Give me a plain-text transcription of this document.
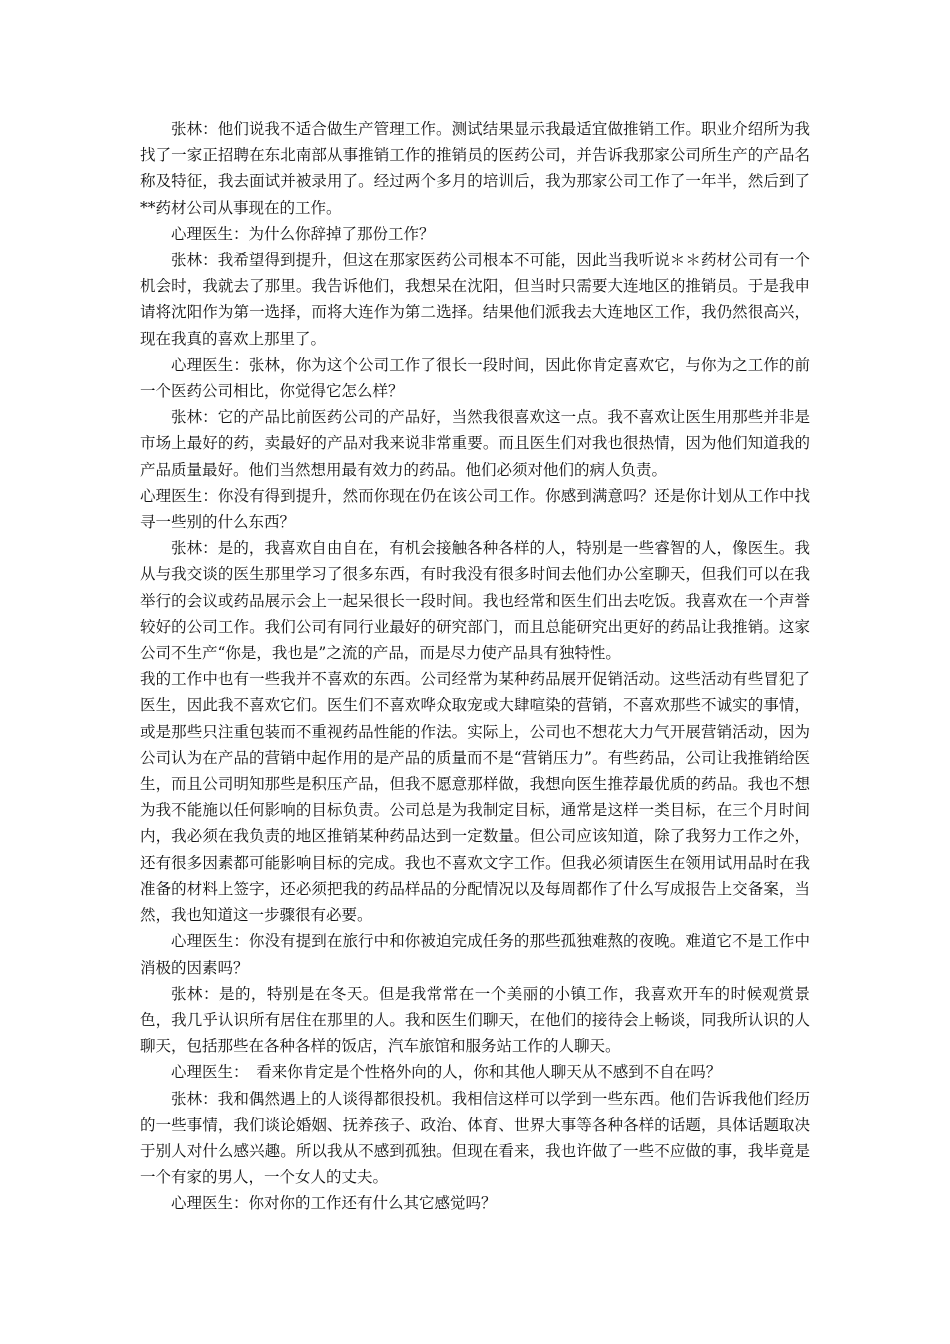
张林：他们说我不适合做生产管理工作。测试结果显示我最适宜做推销工作。职业介绍所为我找了一家正招聘在东北南部从事推销工作的推销员的医药公司，并告诉我那家公司所生产的产品名称及特征，我去面试并被录用了。经过两个多月的培训后，我为那家公司工作了一年半，然后到了**药材公司从事现在的工作。

心理医生：为什么你辞掉了那份工作？

张林：我希望得到提升，但这在那家医药公司根本不可能，因此当我听说＊＊药材公司有一个机会时，我就去了那里。我告诉他们，我想呆在沈阳，但当时只需要大连地区的推销员。于是我申请将沈阳作为第一选择，而将大连作为第二选择。结果他们派我去大连地区工作，我仍然很高兴，现在我真的喜欢上那里了。

心理医生：张林，你为这个公司工作了很长一段时间，因此你肯定喜欢它，与你为之工作的前一个医药公司相比，你觉得它怎么样？

张林：它的产品比前医药公司的产品好，当然我很喜欢这一点。我不喜欢让医生用那些并非是市场上最好的药，卖最好的产品对我来说非常重要。而且医生们对我也很热情，因为他们知道我的产品质量最好。他们当然想用最有效力的药品。他们必须对他们的病人负责。

心理医生：你没有得到提升，然而你现在仍在该公司工作。你感到满意吗？还是你计划从工作中找寻一些别的什么东西？

张林：是的，我喜欢自由自在，有机会接触各种各样的人，特别是一些睿智的人，像医生。我从与我交谈的医生那里学习了很多东西，有时我没有很多时间去他们办公室聊天，但我们可以在我举行的会议或药品展示会上一起呆很长一段时间。我也经常和医生们出去吃饭。我喜欢在一个声誉较好的公司工作。我们公司有同行业最好的研究部门，而且总能研究出更好的药品让我推销。这家公司不生产“你是，我也是”之流的产品，而是尽力使产品具有独特性。

我的工作中也有一些我并不喜欢的东西。公司经常为某种药品展开促销活动。这些活动有些冒犯了医生，因此我不喜欢它们。医生们不喜欢哗众取宠或大肆喧染的营销，不喜欢那些不诚实的事情，或是那些只注重包装而不重视药品性能的作法。实际上，公司也不想花大力气开展营销活动，因为公司认为在产品的营销中起作用的是产品的质量而不是“营销压力”。有些药品，公司让我推销给医生，而且公司明知那些是积压产品，但我不愿意那样做，我想向医生推荐最优质的药品。我也不想为我不能施以任何影响的目标负责。公司总是为我制定目标，通常是这样一类目标，在三个月时间内，我必须在我负责的地区推销某种药品达到一定数量。但公司应该知道，除了我努力工作之外，还有很多因素都可能影响目标的完成。我也不喜欢文字工作。但我必须请医生在领用试用品时在我准备的材料上签字，还必须把我的药品样品的分配情况以及每周都作了什么写成报告上交备案，当然，我也知道这一步骤很有必要。

心理医生：你没有提到在旅行中和你被迫完成任务的那些孤独难熬的夜晚。难道它不是工作中消极的因素吗？

张林：是的，特别是在冬天。但是我常常在一个美丽的小镇工作，我喜欢开车的时候观赏景色，我几乎认识所有居住在那里的人。我和医生们聊天，在他们的接待会上畅谈，同我所认识的人聊天，包括那些在各种各样的饭店，汽车旅馆和服务站工作的人聊天。

心理医生：　看来你肯定是个性格外向的人，你和其他人聊天从不感到不自在吗？

张林：我和偶然遇上的人谈得都很投机。我相信这样可以学到一些东西。他们告诉我他们经历的一些事情，我们谈论婚姻、抚养孩子、政治、体育、世界大事等各种各样的话题，具体话题取决于别人对什么感兴趣。所以我从不感到孤独。但现在看来，我也许做了一些不应做的事，我毕竟是一个有家的男人，一个女人的丈夫。

心理医生：你对你的工作还有什么其它感觉吗？
